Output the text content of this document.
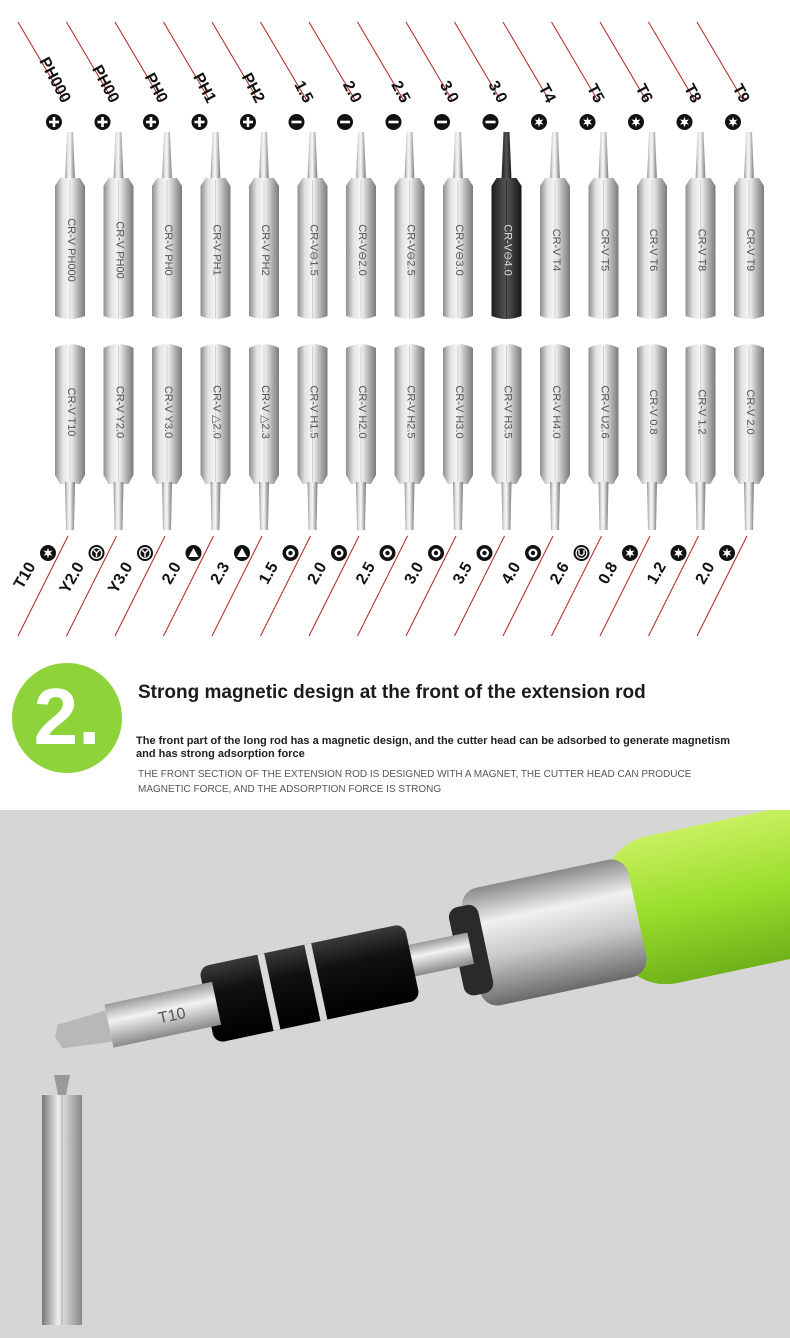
PH000 PH00 PH0 PH1 PH2 1.5 2.0 2.5 3.0 3.0 T4 T5 T6 T8 T9
CR-V PH000	CR-V PH00	CR-V PH0	CR-V PH1	CR-V PH2	CR-V⊖1.5	CR-V⊖2.0	CR-V⊖2.5	CR-V⊖3.0	CR-V⊖4.0	CR-V T4	CR-V T5	CR-V T6	CR-V T8	CR-V T9
CR-V T10	CR-V Y2.0	CR-V Y3.0	CR-V △2.0	CR-V △2.3	CR-V H1.5	CR-V H2.0	CR-V H2.5	CR-V H3.0	CR-V H3.5	CR-V H4.0	CR-V U2.6	CR-V 0.8	CR-V 1.2	CR-V 2.0
T10 Y2.0 Y3.0 2.0 2.3 1.5 2.0 2.5 3.0 3.5 4.0 2.6 0.8 1.2 2.0
2.	Strong magnetic design at the front of the extension rod
The front part of the long rod has a magnetic design, and the cutter head can be adsorbed to generate magnetism and has strong adsorption force
THE FRONT SECTION OF THE EXTENSION ROD IS DESIGNED WITH A MAGNET, THE CUTTER HEAD CAN PRODUCE MAGNETIC FORCE, AND THE ADSORPTION FORCE IS STRONG
T10
